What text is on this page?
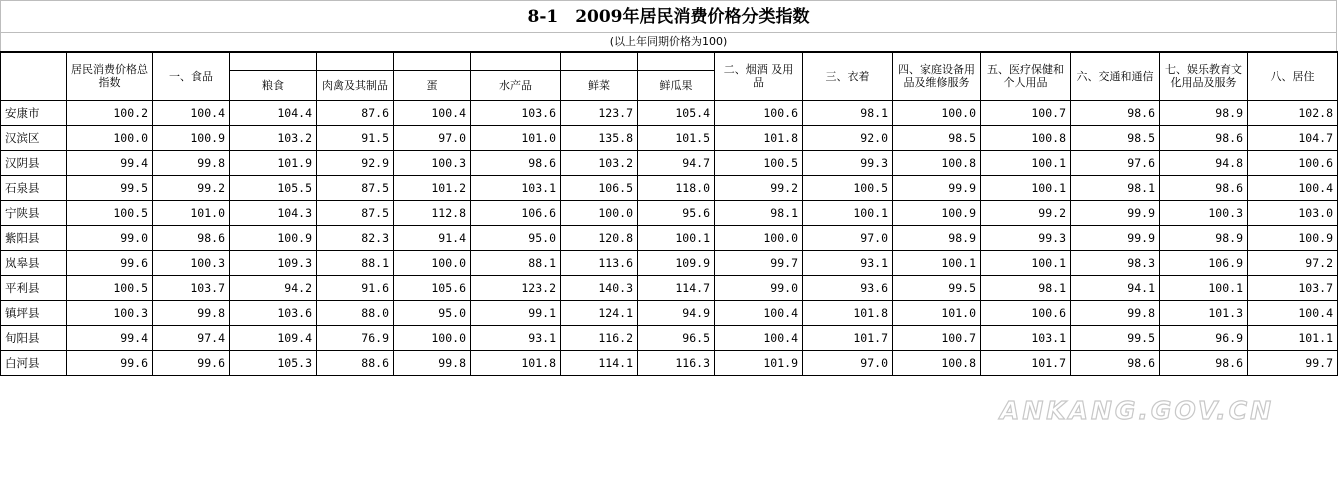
8-1　2009年居民消费价格分类指数
(以上年同期价格为100)
	居民消费价格总指数	一、食品							二、烟酒 及用品	三、衣着	四、家庭设备用品及维修服务	五、医疗保健和个人用品	六、交通和通信	七、娱乐教育文化用品及服务	八、居住
			粮食	肉禽及其制品	蛋	水产品	鲜菜	鲜瓜果							
安康市	100.2	100.4	104.4	87.6	100.4	103.6	123.7	105.4	100.6	98.1	100.0	100.7	98.6	98.9	102.8
汉滨区	100.0	100.9	103.2	91.5	97.0	101.0	135.8	101.5	101.8	92.0	98.5	100.8	98.5	98.6	104.7
汉阴县	99.4	99.8	101.9	92.9	100.3	98.6	103.2	94.7	100.5	99.3	100.8	100.1	97.6	94.8	100.6
石泉县	99.5	99.2	105.5	87.5	101.2	103.1	106.5	118.0	99.2	100.5	99.9	100.1	98.1	98.6	100.4
宁陕县	100.5	101.0	104.3	87.5	112.8	106.6	100.0	95.6	98.1	100.1	100.9	99.2	99.9	100.3	103.0
紫阳县	99.0	98.6	100.9	82.3	91.4	95.0	120.8	100.1	100.0	97.0	98.9	99.3	99.9	98.9	100.9
岚皋县	99.6	100.3	109.3	88.1	100.0	88.1	113.6	109.9	99.7	93.1	100.1	100.1	98.3	106.9	97.2
平利县	100.5	103.7	94.2	91.6	105.6	123.2	140.3	114.7	99.0	93.6	99.5	98.1	94.1	100.1	103.7
镇坪县	100.3	99.8	103.6	88.0	95.0	99.1	124.1	94.9	100.4	101.8	101.0	100.6	99.8	101.3	100.4
旬阳县	99.4	97.4	109.4	76.9	100.0	93.1	116.2	96.5	100.4	101.7	100.7	103.1	99.5	96.9	101.1
白河县	99.6	99.6	105.3	88.6	99.8	101.8	114.1	116.3	101.9	97.0	100.8	101.7	98.6	98.6	99.7
ANKANG.GOV.CN
